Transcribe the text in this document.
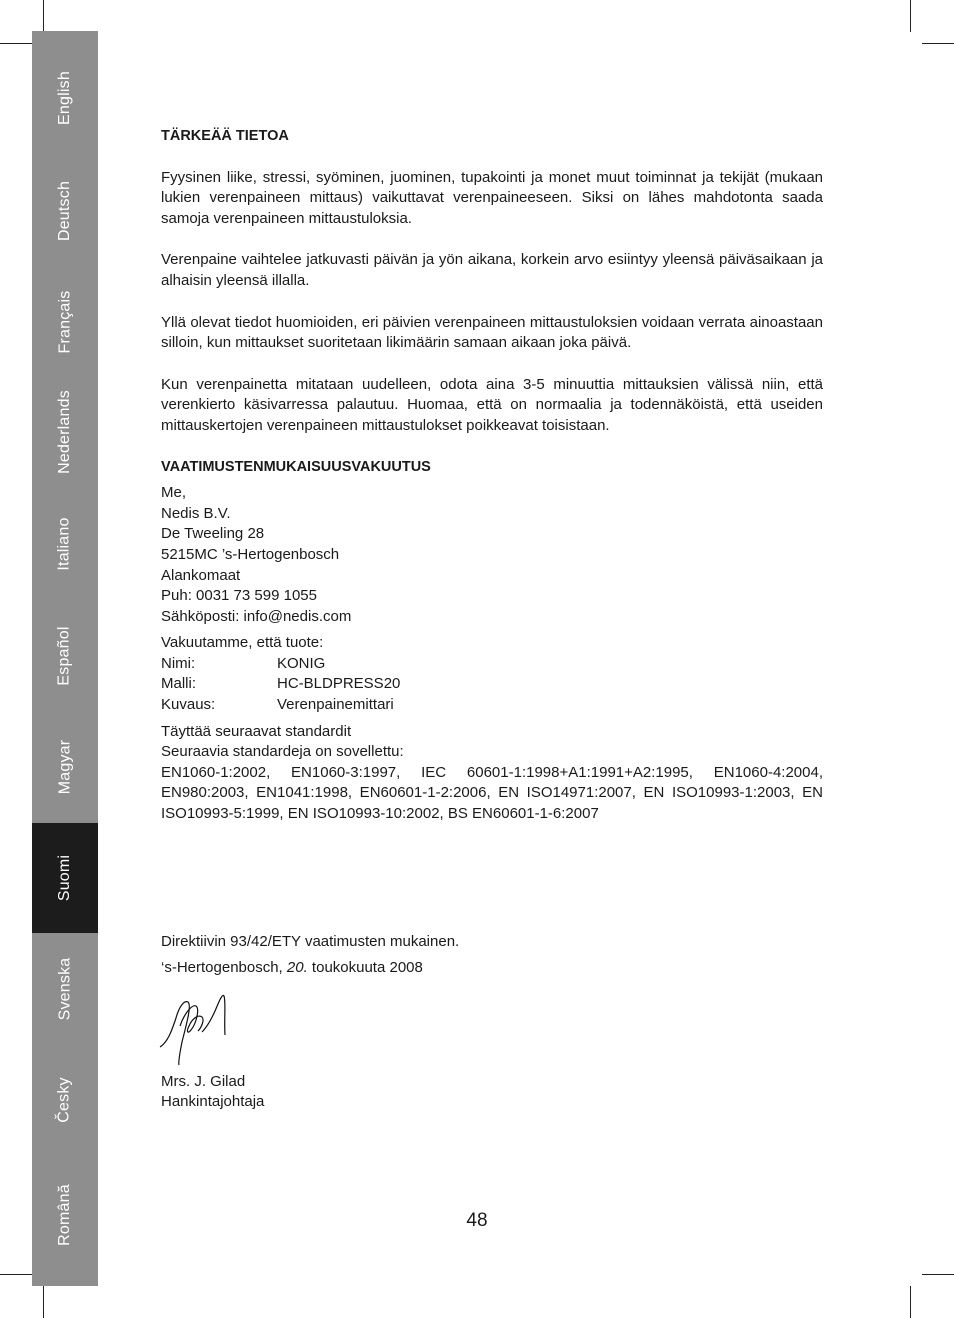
English
Deutsch
Français
Nederlands
Italiano
Español
Magyar
Suomi
Svenska
Česky
Română

TÄRKEÄÄ TIETOA

Fyysinen liike, stressi, syöminen, juominen, tupakointi ja monet muut toiminnat ja tekijät (mukaan lukien verenpaineen mittaus) vaikuttavat verenpaineeseen. Siksi on lähes mahdotonta saada samoja verenpaineen mittaustuloksia.

Verenpaine vaihtelee jatkuvasti päivän ja yön aikana, korkein arvo esiintyy yleensä päiväsaikaan ja alhaisin yleensä illalla.

Yllä olevat tiedot huomioiden, eri päivien verenpaineen mittaustuloksien voidaan verrata ainoastaan silloin, kun mittaukset suoritetaan likimäärin samaan aikaan joka päivä.

Kun verenpainetta mitataan uudelleen, odota aina 3-5 minuuttia mittauksien välissä niin, että verenkierto käsivarressa palautuu. Huomaa, että on normaalia ja todennäköistä, että useiden mittauskertojen verenpaineen mittaustulokset poikkeavat toisistaan.

VAATIMUSTENMUKAISUUSVAKUUTUS

Me,
Nedis B.V.
De Tweeling 28
5215MC ’s-Hertogenbosch
Alankomaat
Puh: 0031 73 599 1055
Sähköposti: info@nedis.com
Vakuutamme, että tuote:
Nimi:	KONIG
Malli:	HC-BLDPRESS20
Kuvaus:	Verenpainemittari
Täyttää seuraavat standardit
Seuraavia standardeja on sovellettu:

EN1060-1:2002, EN1060-3:1997, IEC 60601-1:1998+A1:1991+A2:1995, EN1060-4:2004, EN980:2003, EN1041:1998, EN60601-1-2:2006, EN ISO14971:2007, EN ISO10993-1:2003, EN ISO10993-5:1999, EN ISO10993-10:2002, BS EN60601-1-6:2007

Direktiivin 93/42/ETY vaatimusten mukainen.

‘s-Hertogenbosch, 20. toukokuuta 2008

Mrs. J. Gilad
Hankintajohtaja
48
